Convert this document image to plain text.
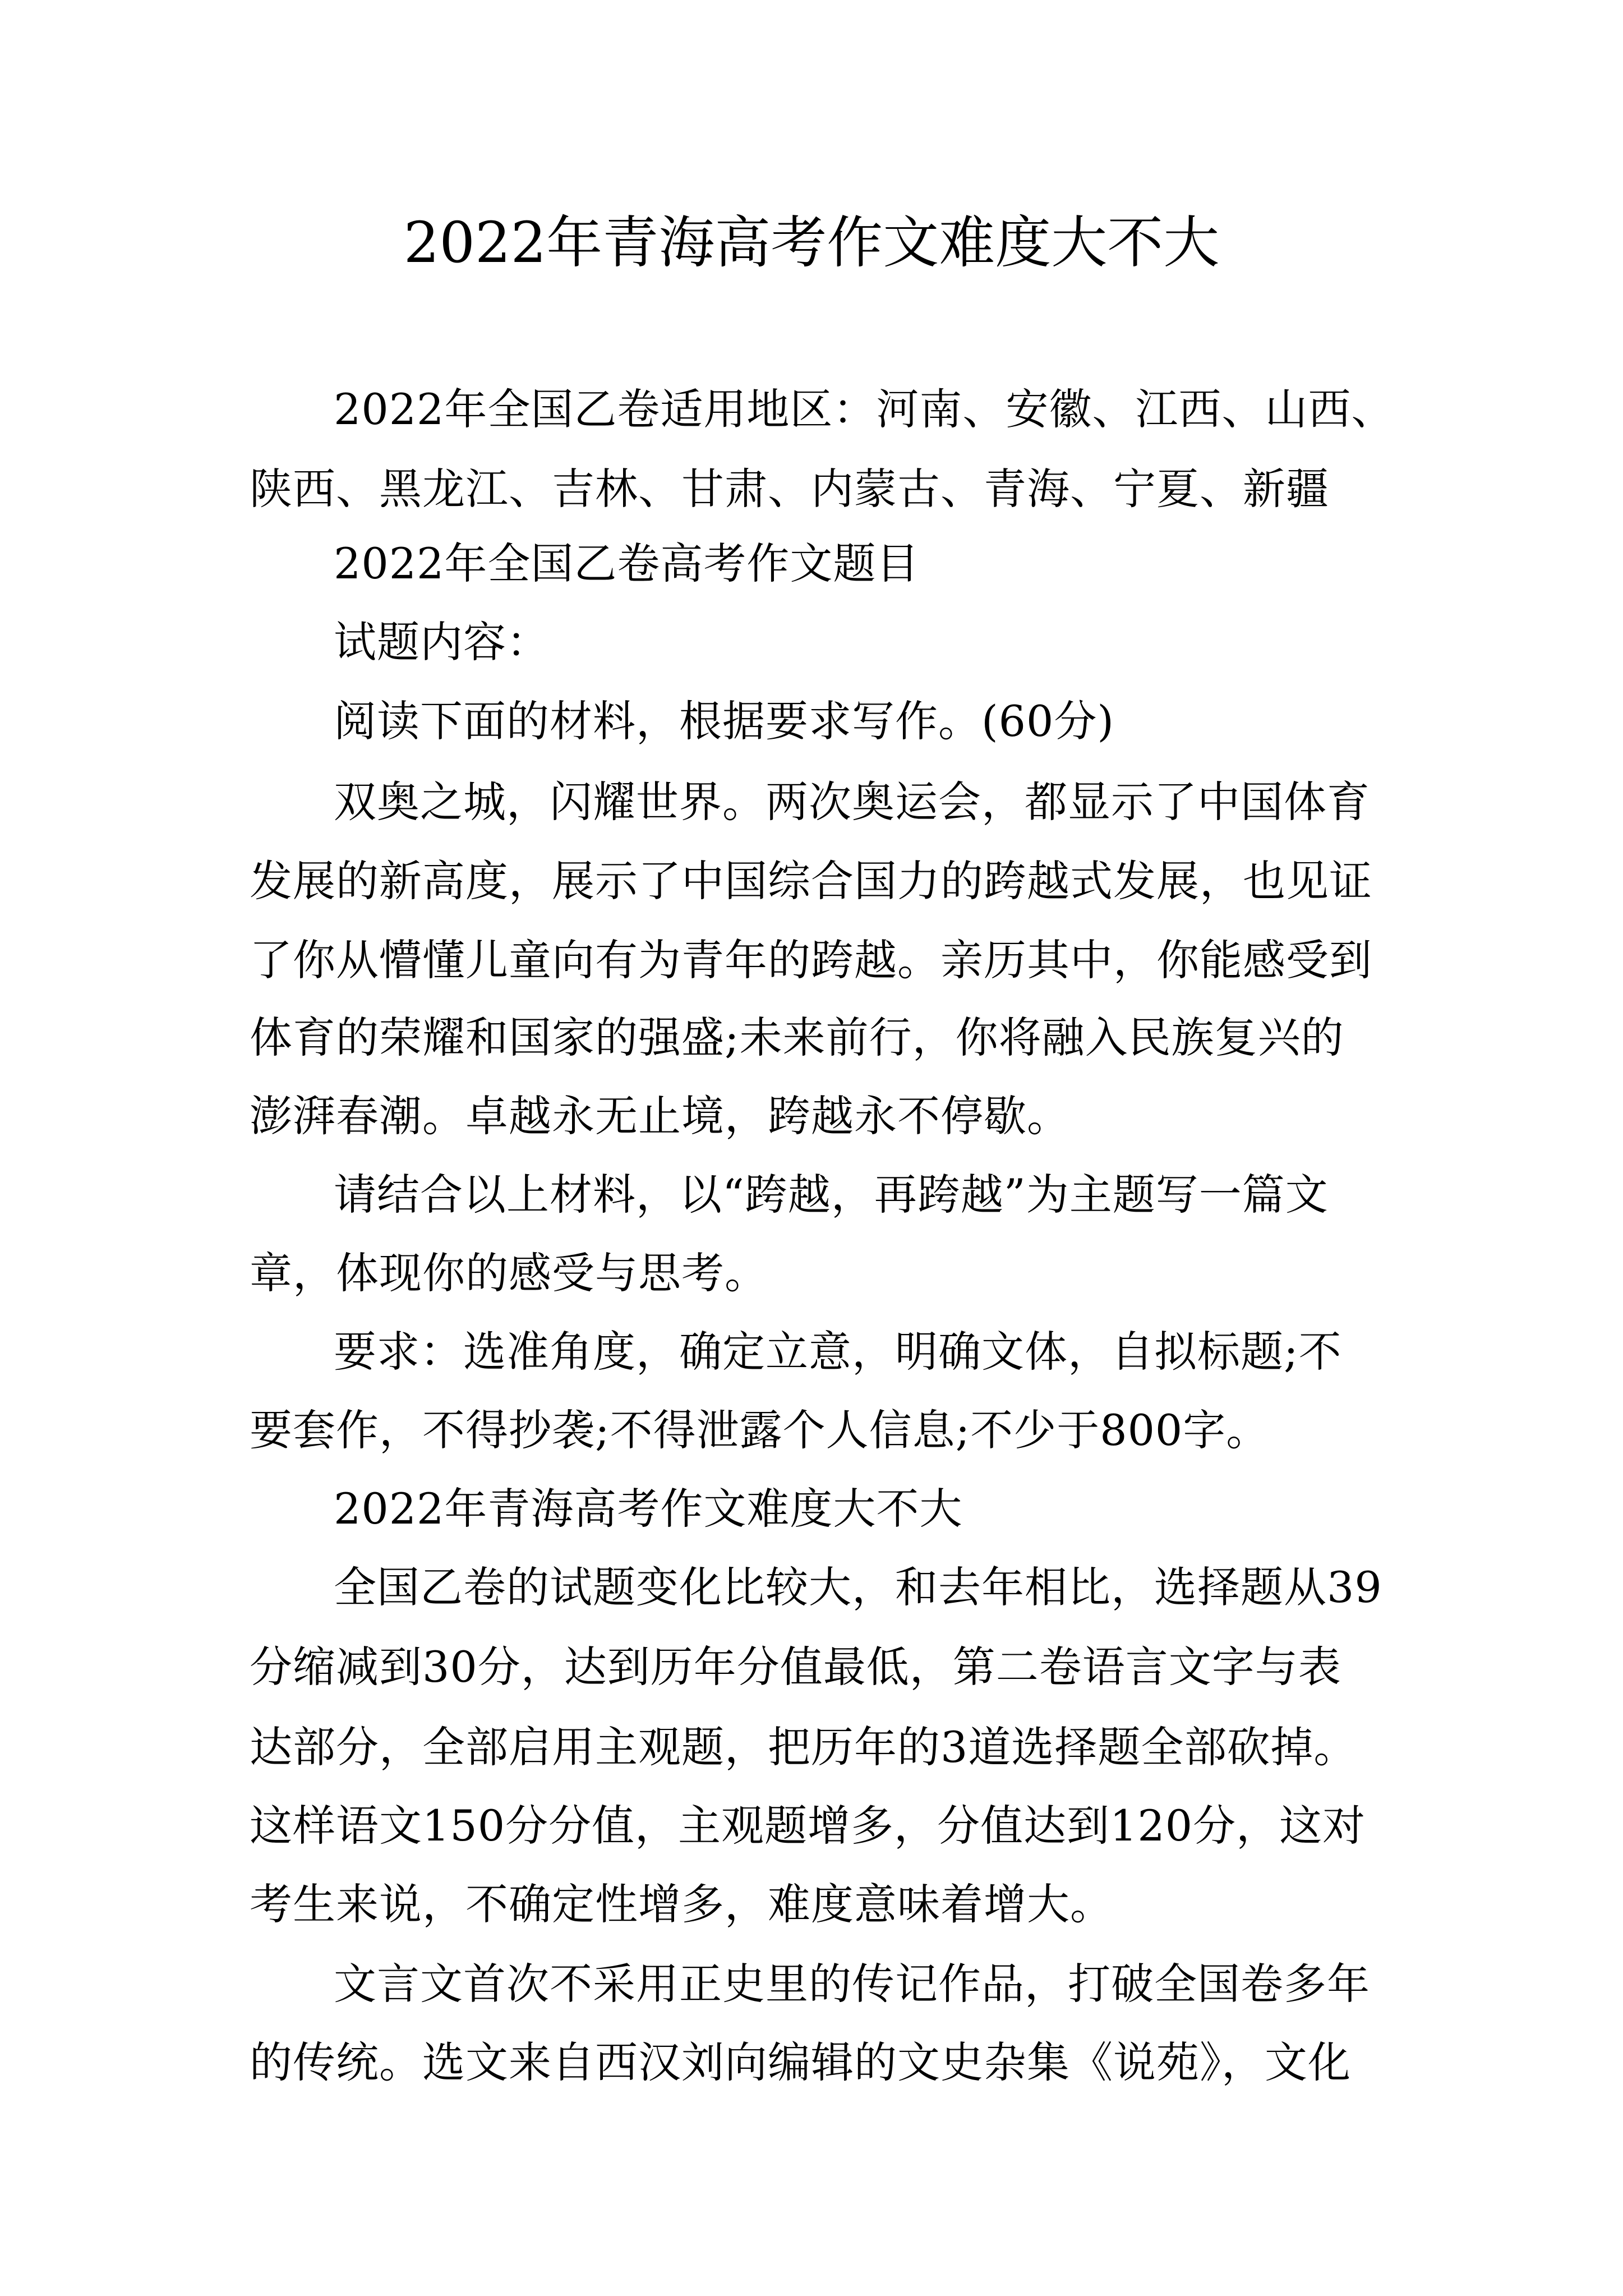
2022年青海高考作文难度大不大
2022年全国乙卷适用地区：河南、安徽、江西、山西、
陕西、黑龙江、吉林、甘肃、内蒙古、青海、宁夏、新疆
2022年全国乙卷高考作文题目
试题内容：
阅读下面的材料，根据要求写作。(60分)
双奥之城，闪耀世界。两次奥运会，都显示了中国体育
发展的新高度，展示了中国综合国力的跨越式发展，也见证
了你从懵懂儿童向有为青年的跨越。亲历其中，你能感受到
体育的荣耀和国家的强盛;未来前行，你将融入民族复兴的
澎湃春潮。卓越永无止境，跨越永不停歇。
请结合以上材料，以“跨越，再跨越”为主题写一篇文
章，体现你的感受与思考。
要求：选准角度，确定立意，明确文体，自拟标题;不
要套作，不得抄袭;不得泄露个人信息;不少于800字。
2022年青海高考作文难度大不大
全国乙卷的试题变化比较大，和去年相比，选择题从39
分缩减到30分，达到历年分值最低，第二卷语言文字与表
达部分，全部启用主观题，把历年的3道选择题全部砍掉。
这样语文150分分值，主观题增多，分值达到120分，这对
考生来说，不确定性增多，难度意味着增大。
文言文首次不采用正史里的传记作品，打破全国卷多年
的传统。选文来自西汉刘向编辑的文史杂集《说苑》，文化
